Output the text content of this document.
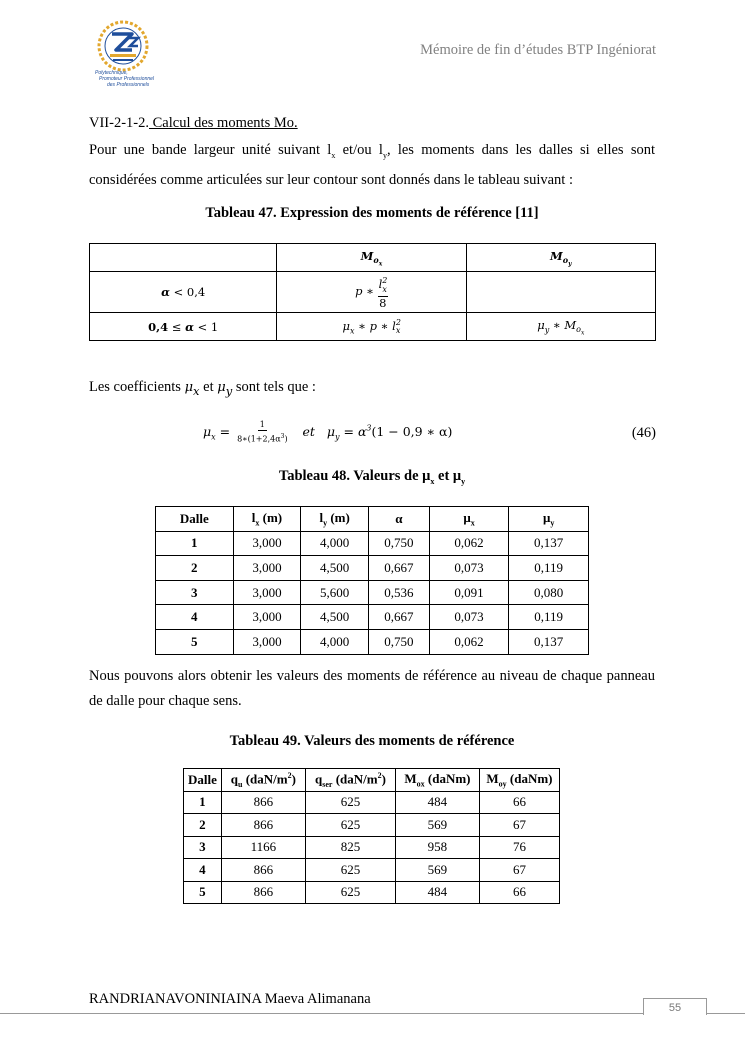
Polytechnique,
Promoteur Professionnel
des Professionnels
Mémoire de fin d’études BTP Ingéniorat
VII-2-1-2. Calcul des moments Mo.
Pour une bande largeur unité suivant $l_x$ et/ou $l_y$, les moments dans les dalles si elles sont considérées comme articulées sur leur contour sont donnés dans le tableau suivant :
Tableau 47. Expression des moments de référence [11]
	$M_{o_x}$	$M_{o_y}$
α < 0,4	p ∗ $\frac{l^2_x}{8}$

0,4 ≤ α < 1	$\mu_x$ ∗ p ∗ $l^2_x$	$\mu_y$ ∗ $M_{o_x}$
Les coefficients $\mu_x$ et $\mu_y$ sont tels que :
$\mu_x = \frac{1}{8∗(1+2,4\alpha^3)}$ et   $\mu_y = \alpha^3(1 - 0,9$ ∗ α)	(46)
Tableau 48. Valeurs de $\mu_x$ et $\mu_y$
Dalle	$l_x$ (m)	$l_y$ (m)	α	$\mu_x$	$\mu_y$
1	3,000	4,000	0,750	0,062	0,137
2	3,000	4,500	0,667	0,073	0,119
3	3,000	5,600	0,536	0,091	0,080
4	3,000	4,500	0,667	0,073	0,119
5	3,000	4,000	0,750	0,062	0,137
Nous pouvons alors obtenir les valeurs des moments de référence au niveau de chaque panneau de dalle pour chaque sens.
Tableau 49. Valeurs des moments de référence
Dalle	$q_u$ $(daN/m^2)$	$q_{ser}$ $(daN/m^2)$	$M_{ox}$ (daNm)	$M_{oy}$ (daNm)
1	866	625	484	66
2	866	625	569	67
3	1166	825	958	76
4	866	625	569	67
5	866	625	484	66
RANDRIANAVONINIAINA Maeva Alimanana
55
